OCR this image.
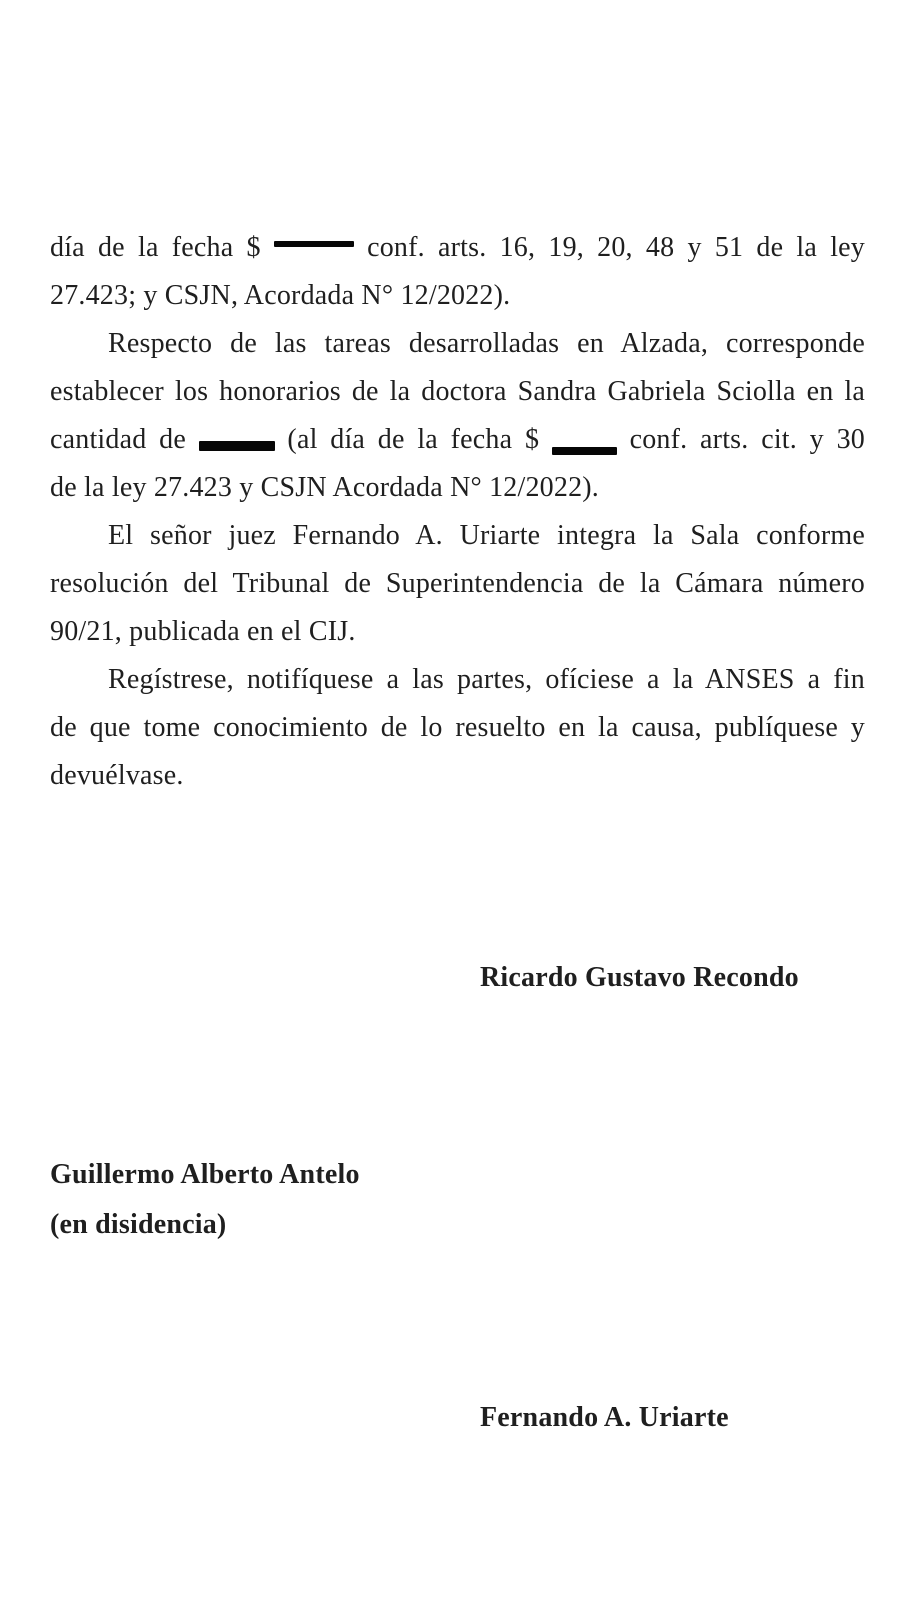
día de la fecha $	conf. arts. 16, 19, 20, 48 y 51 de la ley
27.423; y CSJN, Acordada N° 12/2022).
Respecto de las tareas desarrolladas en Alzada, corresponde
establecer los honorarios de la doctora Sandra Gabriela Sciolla en la
cantidad de	(al día de la fecha $  conf. arts. cit. y 30
de la ley 27.423 y CSJN Acordada N° 12/2022).
El señor juez Fernando A. Uriarte integra la Sala conforme
resolución del Tribunal de Superintendencia de la Cámara número
90/21, publicada en el CIJ.
Regístrese, notifíquese a las partes, ofíciese a la ANSES a fin
de que tome conocimiento de lo resuelto en la causa, publíquese y
devuélvase.
Ricardo Gustavo Recondo
Guillermo Alberto Antelo
(en disidencia)
Fernando A. Uriarte
